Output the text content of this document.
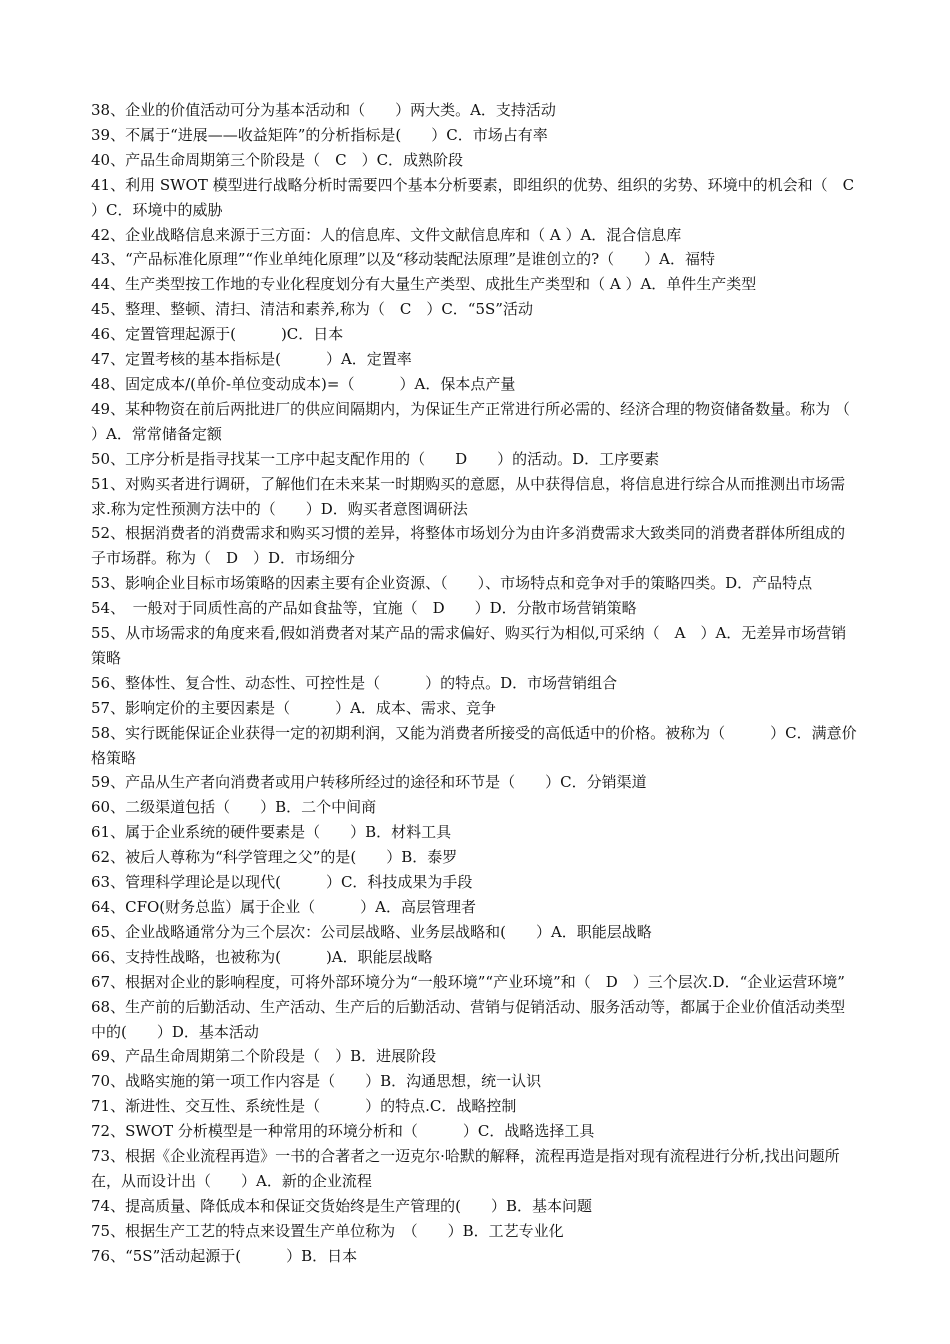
38、企业的价值活动可分为基本活动和（　　）两大类。A．支持活动

39、不属于“进展——收益矩阵”的分析指标是(　　）C．市场占有率

40、产品生命周期第三个阶段是（　C　）C．成熟阶段

41、利用 SWOT 模型进行战略分析时需要四个基本分析要素，即组织的优势、组织的劣势、环境中的机会和（　C　）C．环境中的威胁

42、企业战略信息来源于三方面：人的信息库、文件文献信息库和（ A ）A．混合信息库

43、“产品标准化原理”“作业单纯化原理”以及“移动装配法原理”是谁创立的?（　　）A．福特

44、生产类型按工作地的专业化程度划分有大量生产类型、成批生产类型和（ A ）A．单件生产类型

45、整理、整顿、清扫、清洁和素养,称为（　C　）C．“5S”活动

46、定置管理起源于(　　　)C．日本

47、定置考核的基本指标是(　　　）A．定置率

48、固定成本/(单价-单位变动成本)=（　　　）A．保本点产量

49、某种物资在前后两批进厂的供应间隔期内，为保证生产正常进行所必需的、经济合理的物资储备数量。称为 （　　　）A．常常储备定额

50、工序分析是指寻找某一工序中起支配作用的（　　D　　）的活动。D．工序要素

51、对购买者进行调研，了解他们在未来某一时期购买的意愿，从中获得信息，将信息进行综合从而推测出市场需求.称为定性预测方法中的（　　）D．购买者意图调研法

52、根据消费者的消费需求和购买习惯的差异，将整体市场划分为由许多消费需求大致类同的消费者群体所组成的子市场群。称为（　D　）D．市场细分

53、影响企业目标市场策略的因素主要有企业资源、（　　）、市场特点和竞争对手的策略四类。D．产品特点

54、　一般对于同质性高的产品如食盐等，宜施（　D　　）D．分散市场营销策略

55、从市场需求的角度来看,假如消费者对某产品的需求偏好、购买行为相似,可采纳（　A　）A．无差异市场营销策略

56、整体性、复合性、动态性、可控性是（　　　）的特点。D．市场营销组合

57、影响定价的主要因素是（　　　）A．成本、需求、竞争

58、实行既能保证企业获得一定的初期利润，又能为消费者所接受的高低适中的价格。被称为（　　　）C．满意价格策略

59、产品从生产者向消费者或用户转移所经过的途径和环节是（　　）C．分销渠道

60、二级渠道包括（　　）B．二个中间商

61、属于企业系统的硬件要素是（　　）B．材料工具

62、被后人尊称为“科学管理之父”的是(　　）B．泰罗

63、管理科学理论是以现代(　　　）C．科技成果为手段

64、CFO(财务总监）属于企业（　　　）A．高层管理者

65、企业战略通常分为三个层次：公司层战略、业务层战略和(　　）A．职能层战略

66、支持性战略，也被称为(　　　)A．职能层战略

67、根据对企业的影响程度，可将外部环境分为“一般环境”“产业环境”和（　D　）三个层次.D．“企业运营环境”

68、生产前的后勤活动、生产活动、生产后的后勤活动、营销与促销活动、服务活动等，都属于企业价值活动类型中的(　　）D．基本活动

69、产品生命周期第二个阶段是（　）B．进展阶段

70、战略实施的第一项工作内容是（　　）B．沟通思想，统一认识

71、渐进性、交互性、系统性是（　　　）的特点.C．战略控制

72、SWOT 分析模型是一种常用的环境分析和（　　　）C．战略选择工具

73、根据《企业流程再造》一书的合著者之一迈克尔·哈默的解释，流程再造是指对现有流程进行分析,找出问题所在，从而设计出（　　）A．新的企业流程

74、提高质量、降低成本和保证交货始终是生产管理的(　　）B．基本问题

75、根据生产工艺的特点来设置生产单位称为　（　　）B．工艺专业化

76、“5S”活动起源于(　　　）B．日本
